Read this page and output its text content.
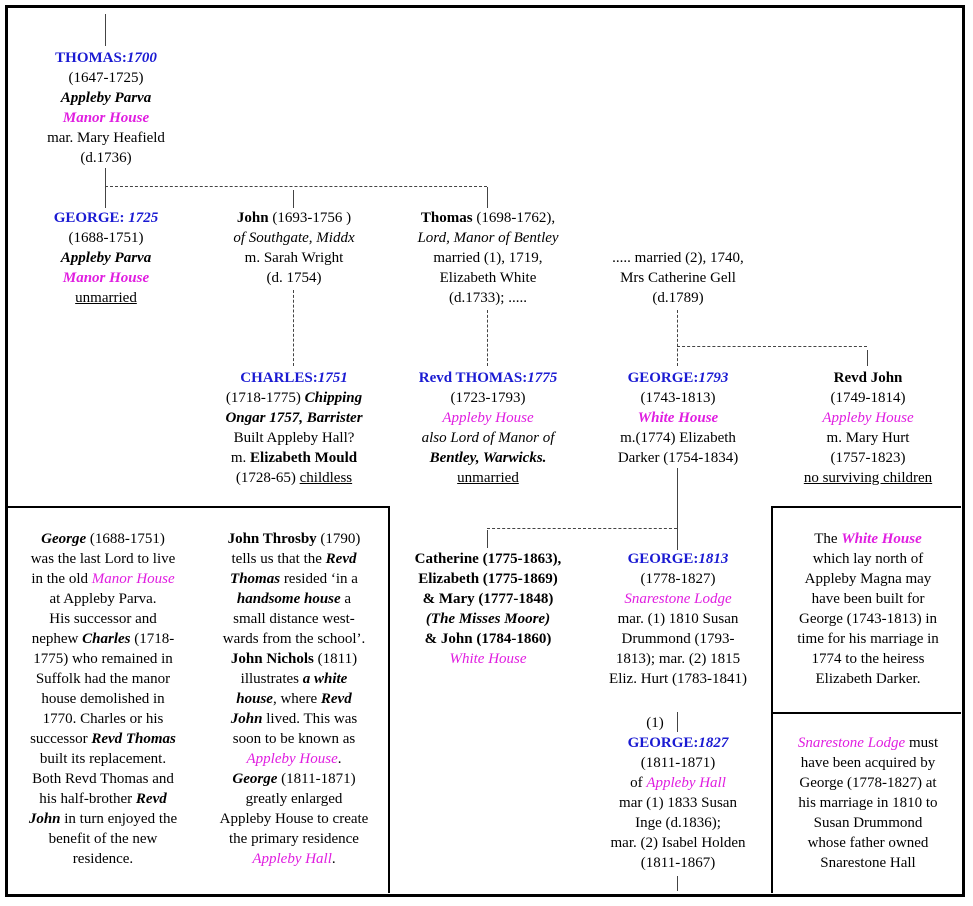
THOMAS:1700
(1647-1725)
Appleby Parva
Manor House
mar. Mary Heafield
(d.1736)
GEORGE: 1725
(1688-1751)
Appleby Parva
Manor House
unmarried
John (1693-1756 )
of Southgate, Middx
m. Sarah Wright
(d. 1754)
Thomas (1698-1762),
Lord, Manor of Bentley
married (1), 1719,
Elizabeth White
(d.1733); .....
..... married (2), 1740,
Mrs Catherine Gell
(d.1789)
CHARLES:1751
(1718-1775) Chipping
Ongar 1757, Barrister
Built Appleby Hall?
m. Elizabeth Mould
(1728-65) childless
Revd THOMAS:1775
(1723-1793)
Appleby House
also Lord of Manor of
Bentley, Warwicks.
unmarried
GEORGE:1793
(1743-1813)
White House
m.(1774) Elizabeth
Darker (1754-1834)
Revd John
(1749-1814)
Appleby House
m. Mary Hurt
(1757-1823)
no surviving children
Catherine (1775-1863),
Elizabeth (1775-1869)
& Mary (1777-1848)
(The Misses Moore)
& John (1784-1860)
White House
GEORGE:1813
(1778-1827)
Snarestone Lodge
mar. (1) 1810 Susan
Drummond (1793-
1813); mar. (2) 1815
Eliz. Hurt (1783-1841)
(1)
GEORGE:1827
(1811-1871)
of Appleby Hall
mar (1) 1833 Susan
Inge (d.1836);
mar. (2) Isabel Holden
(1811-1867)
George (1688-1751)
was the last Lord to live
in the old Manor House
at Appleby Parva.
His successor and
nephew Charles (1718-
1775) who remained in
Suffolk had the manor
house demolished in
1770. Charles or his
successor Revd Thomas
built its replacement.
Both Revd Thomas and
his half-brother Revd
John in turn enjoyed the
benefit of the new
residence.
John Throsby (1790)
tells us that the Revd
Thomas resided ‘in a
handsome house a
small distance west-
wards from the school’.
John Nichols (1811)
illustrates a white
house, where Revd
John lived. This was
soon to be known as
Appleby House.
George (1811-1871)
greatly enlarged
Appleby House to create
the primary residence
Appleby Hall.
The White House
which lay north of
Appleby Magna may
have been built for
George (1743-1813) in
time for his marriage in
1774 to the heiress
Elizabeth Darker.
Snarestone Lodge must
have been acquired by
George (1778-1827) at
his marriage in 1810 to
Susan Drummond
whose father owned
Snarestone Hall
